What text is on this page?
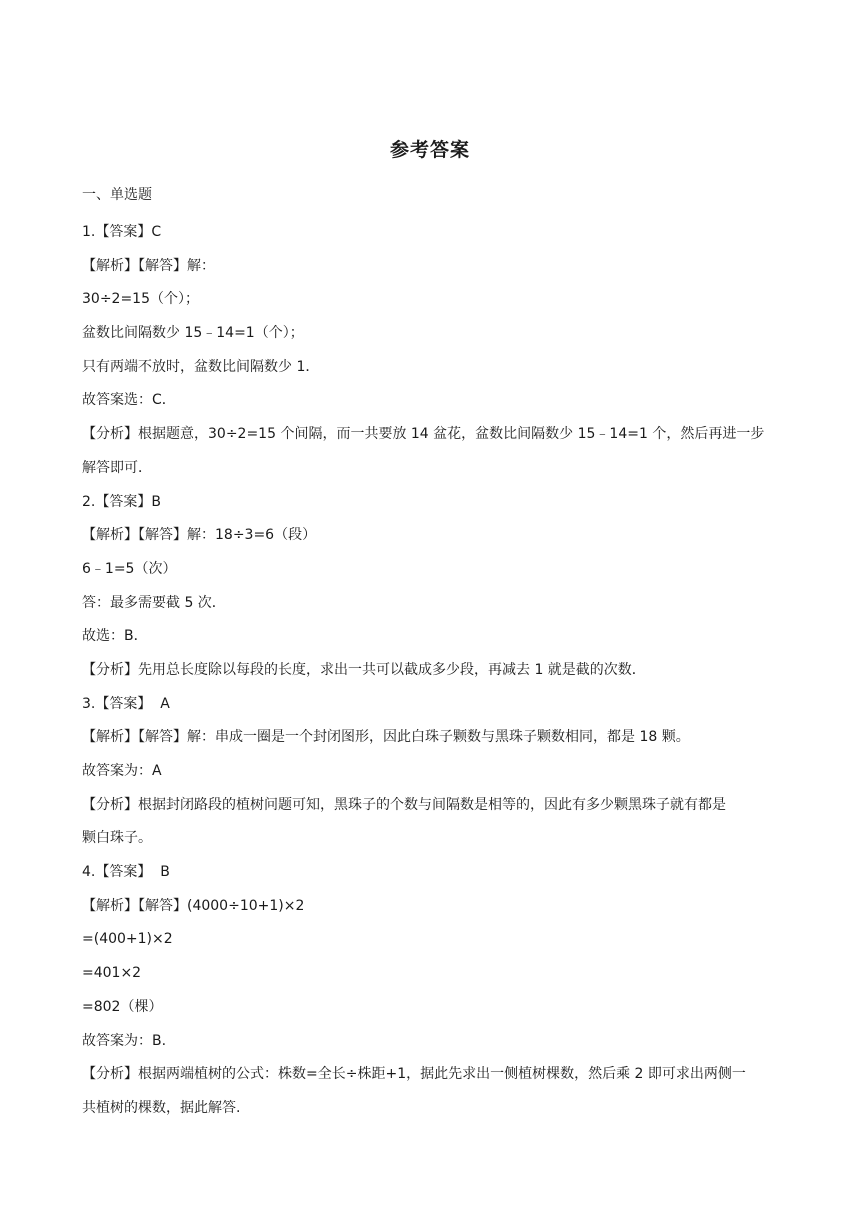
参考答案
一、单选题
1.【答案】C
【解析】【解答】解：
30÷2=15（个）；
盆数比间隔数少 15﹣14=1（个）；
只有两端不放时，盆数比间隔数少 1．
故答案选：C．
【分析】根据题意，30÷2=15 个间隔，而一共要放 14 盆花，盆数比间隔数少 15﹣14=1 个，然后再进一步
解答即可．
2.【答案】B
【解析】【解答】解：18÷3=6（段）
6﹣1=5（次）
答：最多需要截 5 次．
故选：B．
【分析】先用总长度除以每段的长度，求出一共可以截成多少段，再减去 1 就是截的次数．
3.【答案】  A
【解析】【解答】解：串成一圈是一个封闭图形，因此白珠子颗数与黑珠子颗数相同，都是 18 颗。
故答案为：A
【分析】根据封闭路段的植树问题可知，黑珠子的个数与间隔数是相等的，因此有多少颗黑珠子就有都是
颗白珠子。
4.【答案】  B
【解析】【解答】(4000÷10+1)×2
=(400+1)×2
=401×2
=802（棵）
故答案为：B.
【分析】根据两端植树的公式：株数=全长÷株距+1，据此先求出一侧植树棵数，然后乘 2 即可求出两侧一
共植树的棵数，据此解答.
